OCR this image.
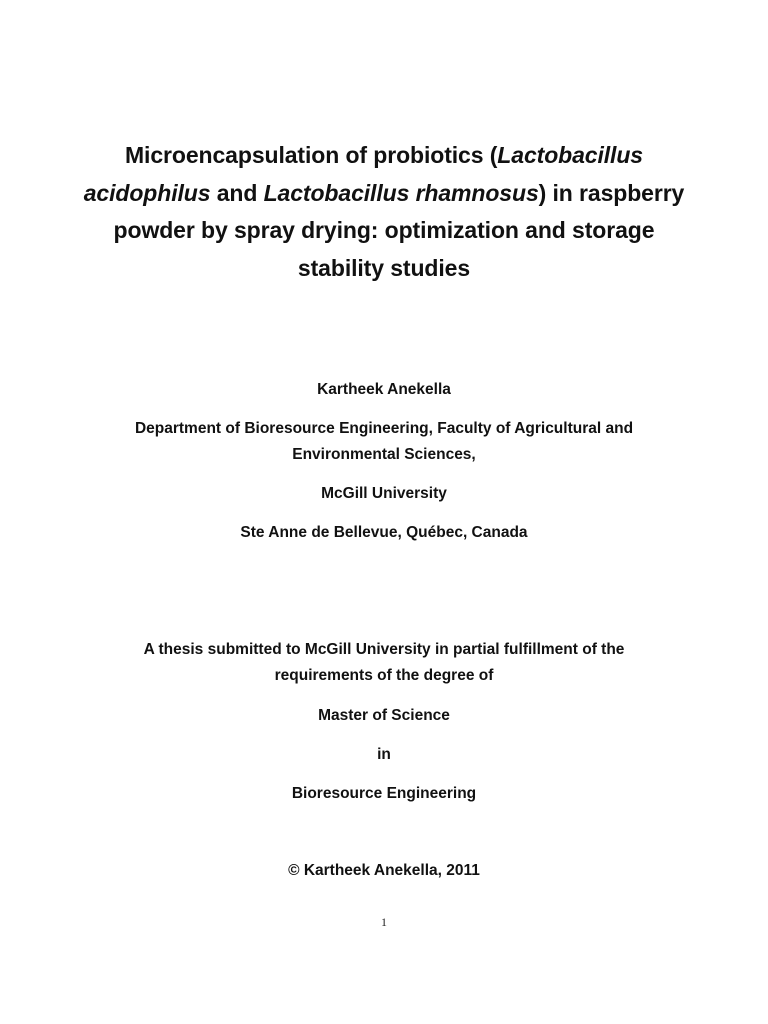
Microencapsulation of probiotics (Lactobacillus
acidophilus and Lactobacillus rhamnosus) in raspberry
powder by spray drying: optimization and storage
stability studies
Kartheek Anekella
Department of Bioresource Engineering, Faculty of Agricultural and
Environmental Sciences,
McGill University
Ste Anne de Bellevue, Québec, Canada
A thesis submitted to McGill University in partial fulfillment of the
requirements of the degree of
Master of Science
in
Bioresource Engineering
© Kartheek Anekella, 2011
1
